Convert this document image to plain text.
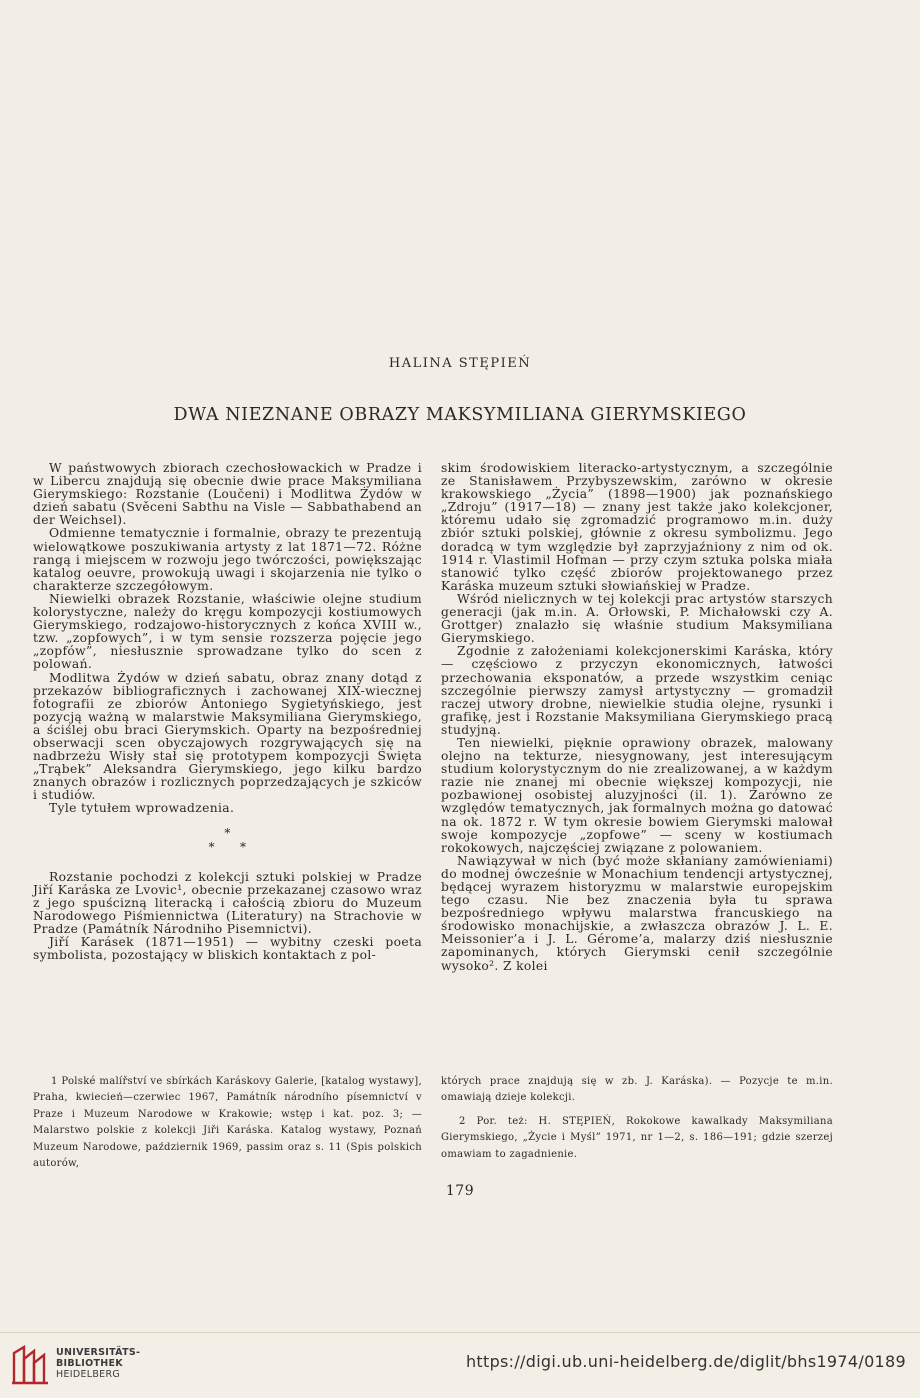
HALINA STĘPIEŃ
DWA NIEZNANE OBRAZY MAKSYMILIANA GIERYMSKIEGO

W państwowych zbiorach czechosłowackich w Pradze i w Libercu znajdują się obecnie dwie prace Maksymiliana Gierymskiego: Rozstanie (Loučeni) i Modlitwa Żydów w dzień sabatu (Svěceni Sabthu na Visle — Sabbathabend an der Weichsel).

Odmienne tematycznie i formalnie, obrazy te prezentują wielowątkowe poszukiwania artysty z lat 1871—72. Różne rangą i miejscem w rozwoju jego twórczości, powiększając katalog oeuvre, prowokują uwagi i skojarzenia nie tylko o charakterze szczegółowym.

Niewielki obrazek Rozstanie, właściwie olejne studium kolorystyczne, należy do kręgu kompozycji kostiumowych Gierymskiego, rodzajowo-historycznych z końca XVIII w., tzw. „zopfowych”, i w tym sensie rozszerza pojęcie jego „zopfów”, niesłusznie sprowadzane tylko do scen z polowań.

Modlitwa Żydów w dzień sabatu, obraz znany dotąd z przekazów bibliograficznych i zachowanej XIX-wiecznej fotografii ze zbiorów Antoniego Sygietyńskiego, jest pozycją ważną w malarstwie Maksymiliana Gierymskiego, a ściślej obu braci Gierymskich. Oparty na bezpośredniej obserwacji scen obyczajowych rozgrywających się na nadbrzeżu Wisły stał się prototypem kompozycji Święta „Trąbek” Aleksandra Gierymskiego, jego kilku bardzo znanych obrazów i rozlicznych poprzedzających je szkiców i studiów.

Tyle tytułem wprowadzenia.

*
*      *

Rozstanie pochodzi z kolekcji sztuki polskiej w Pradze Jiří Karáska ze Lvovic¹, obecnie przekazanej czasowo wraz z jego spuścizną literacką i całością zbioru do Muzeum Narodowego Piśmiennictwa (Literatury) na Strachovie w Pradze (Památník Národniho Pisemnictvi).

Jiří Karásek (1871—1951) — wybitny czeski poeta symbolista, pozostający w bliskich kontaktach z pol-

skim środowiskiem literacko-artystycznym, a szczególnie ze Stanisławem Przybyszewskim, zarówno w okresie krakowskiego „Życia” (1898—1900) jak poznańskiego „Zdroju” (1917—18) — znany jest także jako kolekcjoner, któremu udało się zgromadzić programowo m.in. duży zbiór sztuki polskiej, głównie z okresu symbolizmu. Jego doradcą w tym względzie był zaprzyjaźniony z nim od ok. 1914 r. Vlastimil Hofman — przy czym sztuka polska miała stanowić tylko część zbiorów projektowanego przez Karáska muzeum sztuki słowiańskiej w Pradze.

Wśród nielicznych w tej kolekcji prac artystów starszych generacji (jak m.in. A. Orłowski, P. Michałowski czy A. Grottger) znalazło się właśnie studium Maksymiliana Gierymskiego.

Zgodnie z założeniami kolekcjonerskimi Karáska, który — częściowo z przyczyn ekonomicznych, łatwości przechowania eksponatów, a przede wszystkim ceniąc szczególnie pierwszy zamysł artystyczny — gromadził raczej utwory drobne, niewielkie studia olejne, rysunki i grafikę, jest i Rozstanie Maksymiliana Gierymskiego pracą studyjną.

Ten niewielki, pięknie oprawiony obrazek, malowany olejno na tekturze, niesygnowany, jest interesującym studium kolorystycznym do nie zrealizowanej, a w każdym razie nie znanej mi obecnie większej kompozycji, nie pozbawionej osobistej aluzyjności (il. 1). Zarówno ze względów tematycznych, jak formalnych można go datować na ok. 1872 r. W tym okresie bowiem Gierymski malował swoje kompozycje „zopfowe” — sceny w kostiumach rokokowych, najczęściej związane z polowaniem.

Nawiązywał w nich (być może skłaniany zamówieniami) do modnej ówcześnie w Monachium tendencji artystycznej, będącej wyrazem historyzmu w malarstwie europejskim tego czasu. Nie bez znaczenia była tu sprawa bezpośredniego wpływu malarstwa francuskiego na środowisko monachijskie, a zwłaszcza obrazów J. L. E. Meissonier’a i J. L. Gérome’a, malarzy dziś niesłusznie zapominanych, których Gierymski cenił szczególnie wysoko². Z kolei

1 Polské malířství ve sbírkách Karáskovy Galerie, [katalog wystawy], Praha, kwiecień—czerwiec 1967, Památník národního písemnictví v Praze i Muzeum Narodowe w Krakowie; wstęp i kat. poz. 3; — Malarstwo polskie z kolekcji Jiři Karáska. Katalog wystawy, Poznań Muzeum Narodowe, październik 1969, passim oraz s. 11 (Spis polskich autorów,

których prace znajdują się w zb. J. Karáska). — Pozycje te m.in. omawiają dzieje kolekcji.

2 Por. też: H. STĘPIEŃ, Rokokowe kawalkady Maksymiliana Gierymskiego, „Życie i Myśl” 1971, nr 1—2, s. 186—191; gdzie szerzej omawiam to zagadnienie.

179
UNIVERSITÄTS-
BIBLIOTHEK
HEIDELBERG
https://digi.ub.uni-heidelberg.de/diglit/bhs1974/0189
